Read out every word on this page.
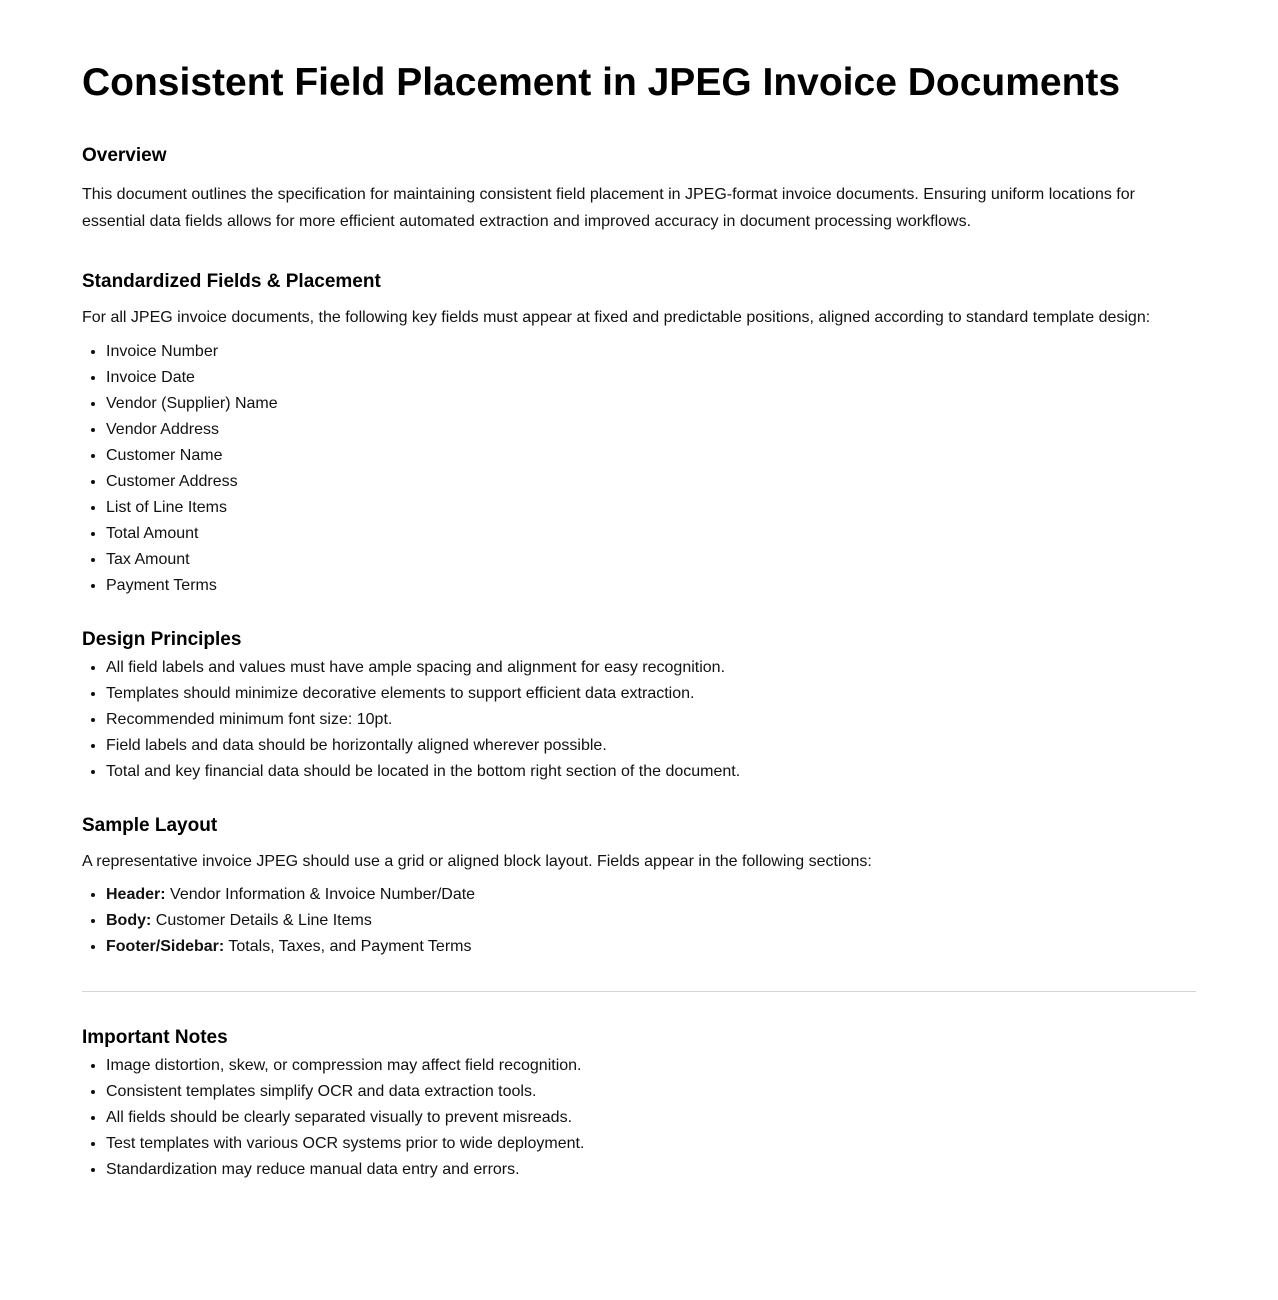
Consistent Field Placement in JPEG Invoice Documents
Overview

This document outlines the specification for maintaining consistent field placement in JPEG-format invoice documents. Ensuring uniform locations for essential data fields allows for more efficient automated extraction and improved accuracy in document processing workflows.

Standardized Fields & Placement

For all JPEG invoice documents, the following key fields must appear at fixed and predictable positions, aligned according to standard template design:

• Invoice Number
• Invoice Date
• Vendor (Supplier) Name
• Vendor Address
• Customer Name
• Customer Address
• List of Line Items
• Total Amount
• Tax Amount
• Payment Terms
Design Principles
• All field labels and values must have ample spacing and alignment for easy recognition.
• Templates should minimize decorative elements to support efficient data extraction.
• Recommended minimum font size: 10pt.
• Field labels and data should be horizontally aligned wherever possible.
• Total and key financial data should be located in the bottom right section of the document.
Sample Layout

A representative invoice JPEG should use a grid or aligned block layout. Fields appear in the following sections:

• Header: Vendor Information & Invoice Number/Date
• Body: Customer Details & Line Items
• Footer/Sidebar: Totals, Taxes, and Payment Terms
Important Notes
• Image distortion, skew, or compression may affect field recognition.
• Consistent templates simplify OCR and data extraction tools.
• All fields should be clearly separated visually to prevent misreads.
• Test templates with various OCR systems prior to wide deployment.
• Standardization may reduce manual data entry and errors.
